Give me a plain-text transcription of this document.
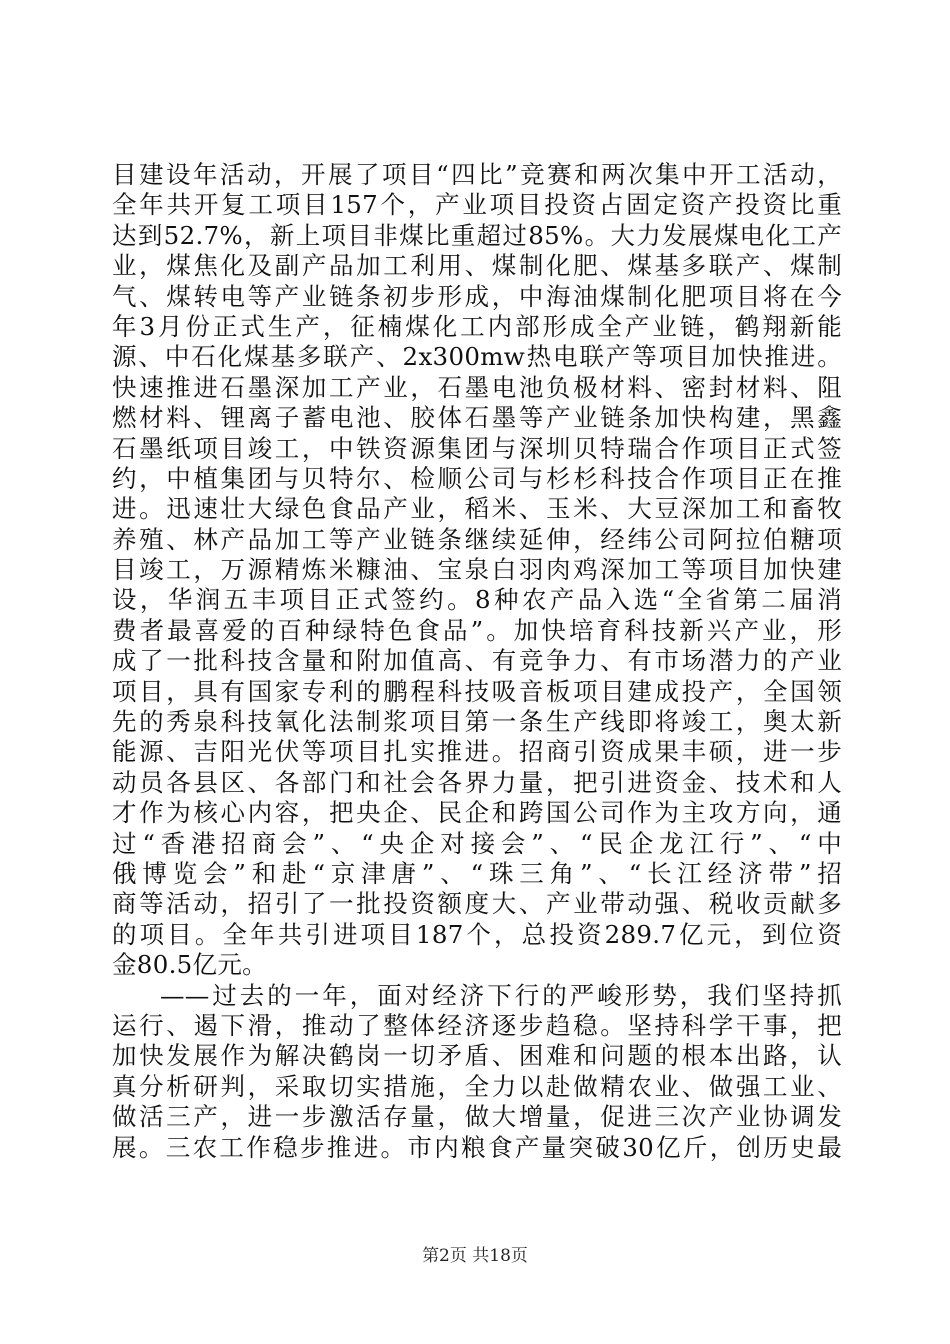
目建设年活动，开展了项目“四比”竞赛和两次集中开工活动，
全年共开复工项目157个，产业项目投资占固定资产投资比重
达到52.7%，新上项目非煤比重超过85%。大力发展煤电化工产
业，煤焦化及副产品加工利用、煤制化肥、煤基多联产、煤制
气、煤转电等产业链条初步形成，中海油煤制化肥项目将在今
年3月份正式生产，征楠煤化工内部形成全产业链，鹤翔新能
源、中石化煤基多联产、2x300mw热电联产等项目加快推进。
快速推进石墨深加工产业，石墨电池负极材料、密封材料、阻
燃材料、锂离子蓄电池、胶体石墨等产业链条加快构建，黑鑫
石墨纸项目竣工，中铁资源集团与深圳贝特瑞合作项目正式签
约，中植集团与贝特尔、检顺公司与杉杉科技合作项目正在推
进。迅速壮大绿色食品产业，稻米、玉米、大豆深加工和畜牧
养殖、林产品加工等产业链条继续延伸，经纬公司阿拉伯糖项
目竣工，万源精炼米糠油、宝泉白羽肉鸡深加工等项目加快建
设，华润五丰项目正式签约。8种农产品入选“全省第二届消
费者最喜爱的百种绿特色食品”。加快培育科技新兴产业，形
成了一批科技含量和附加值高、有竞争力、有市场潜力的产业
项目，具有国家专利的鹏程科技吸音板项目建成投产，全国领
先的秀泉科技氧化法制浆项目第一条生产线即将竣工，奥太新
能源、吉阳光伏等项目扎实推进。招商引资成果丰硕，进一步
动员各县区、各部门和社会各界力量，把引进资金、技术和人
才作为核心内容，把央企、民企和跨国公司作为主攻方向，通
过“香港招商会”、“央企对接会”、“民企龙江行”、“中
俄博览会”和赴“京津唐”、“珠三角”、“长江经济带”招
商等活动，招引了一批投资额度大、产业带动强、税收贡献多
的项目。全年共引进项目187个，总投资289.7亿元，到位资
金80.5亿元。
——过去的一年，面对经济下行的严峻形势，我们坚持抓
运行、遏下滑，推动了整体经济逐步趋稳。坚持科学干事，把
加快发展作为解决鹤岗一切矛盾、困难和问题的根本出路，认
真分析研判，采取切实措施，全力以赴做精农业、做强工业、
做活三产，进一步激活存量，做大增量，促进三次产业协调发
展。三农工作稳步推进。市内粮食产量突破30亿斤，创历史最
第2页 共18页
